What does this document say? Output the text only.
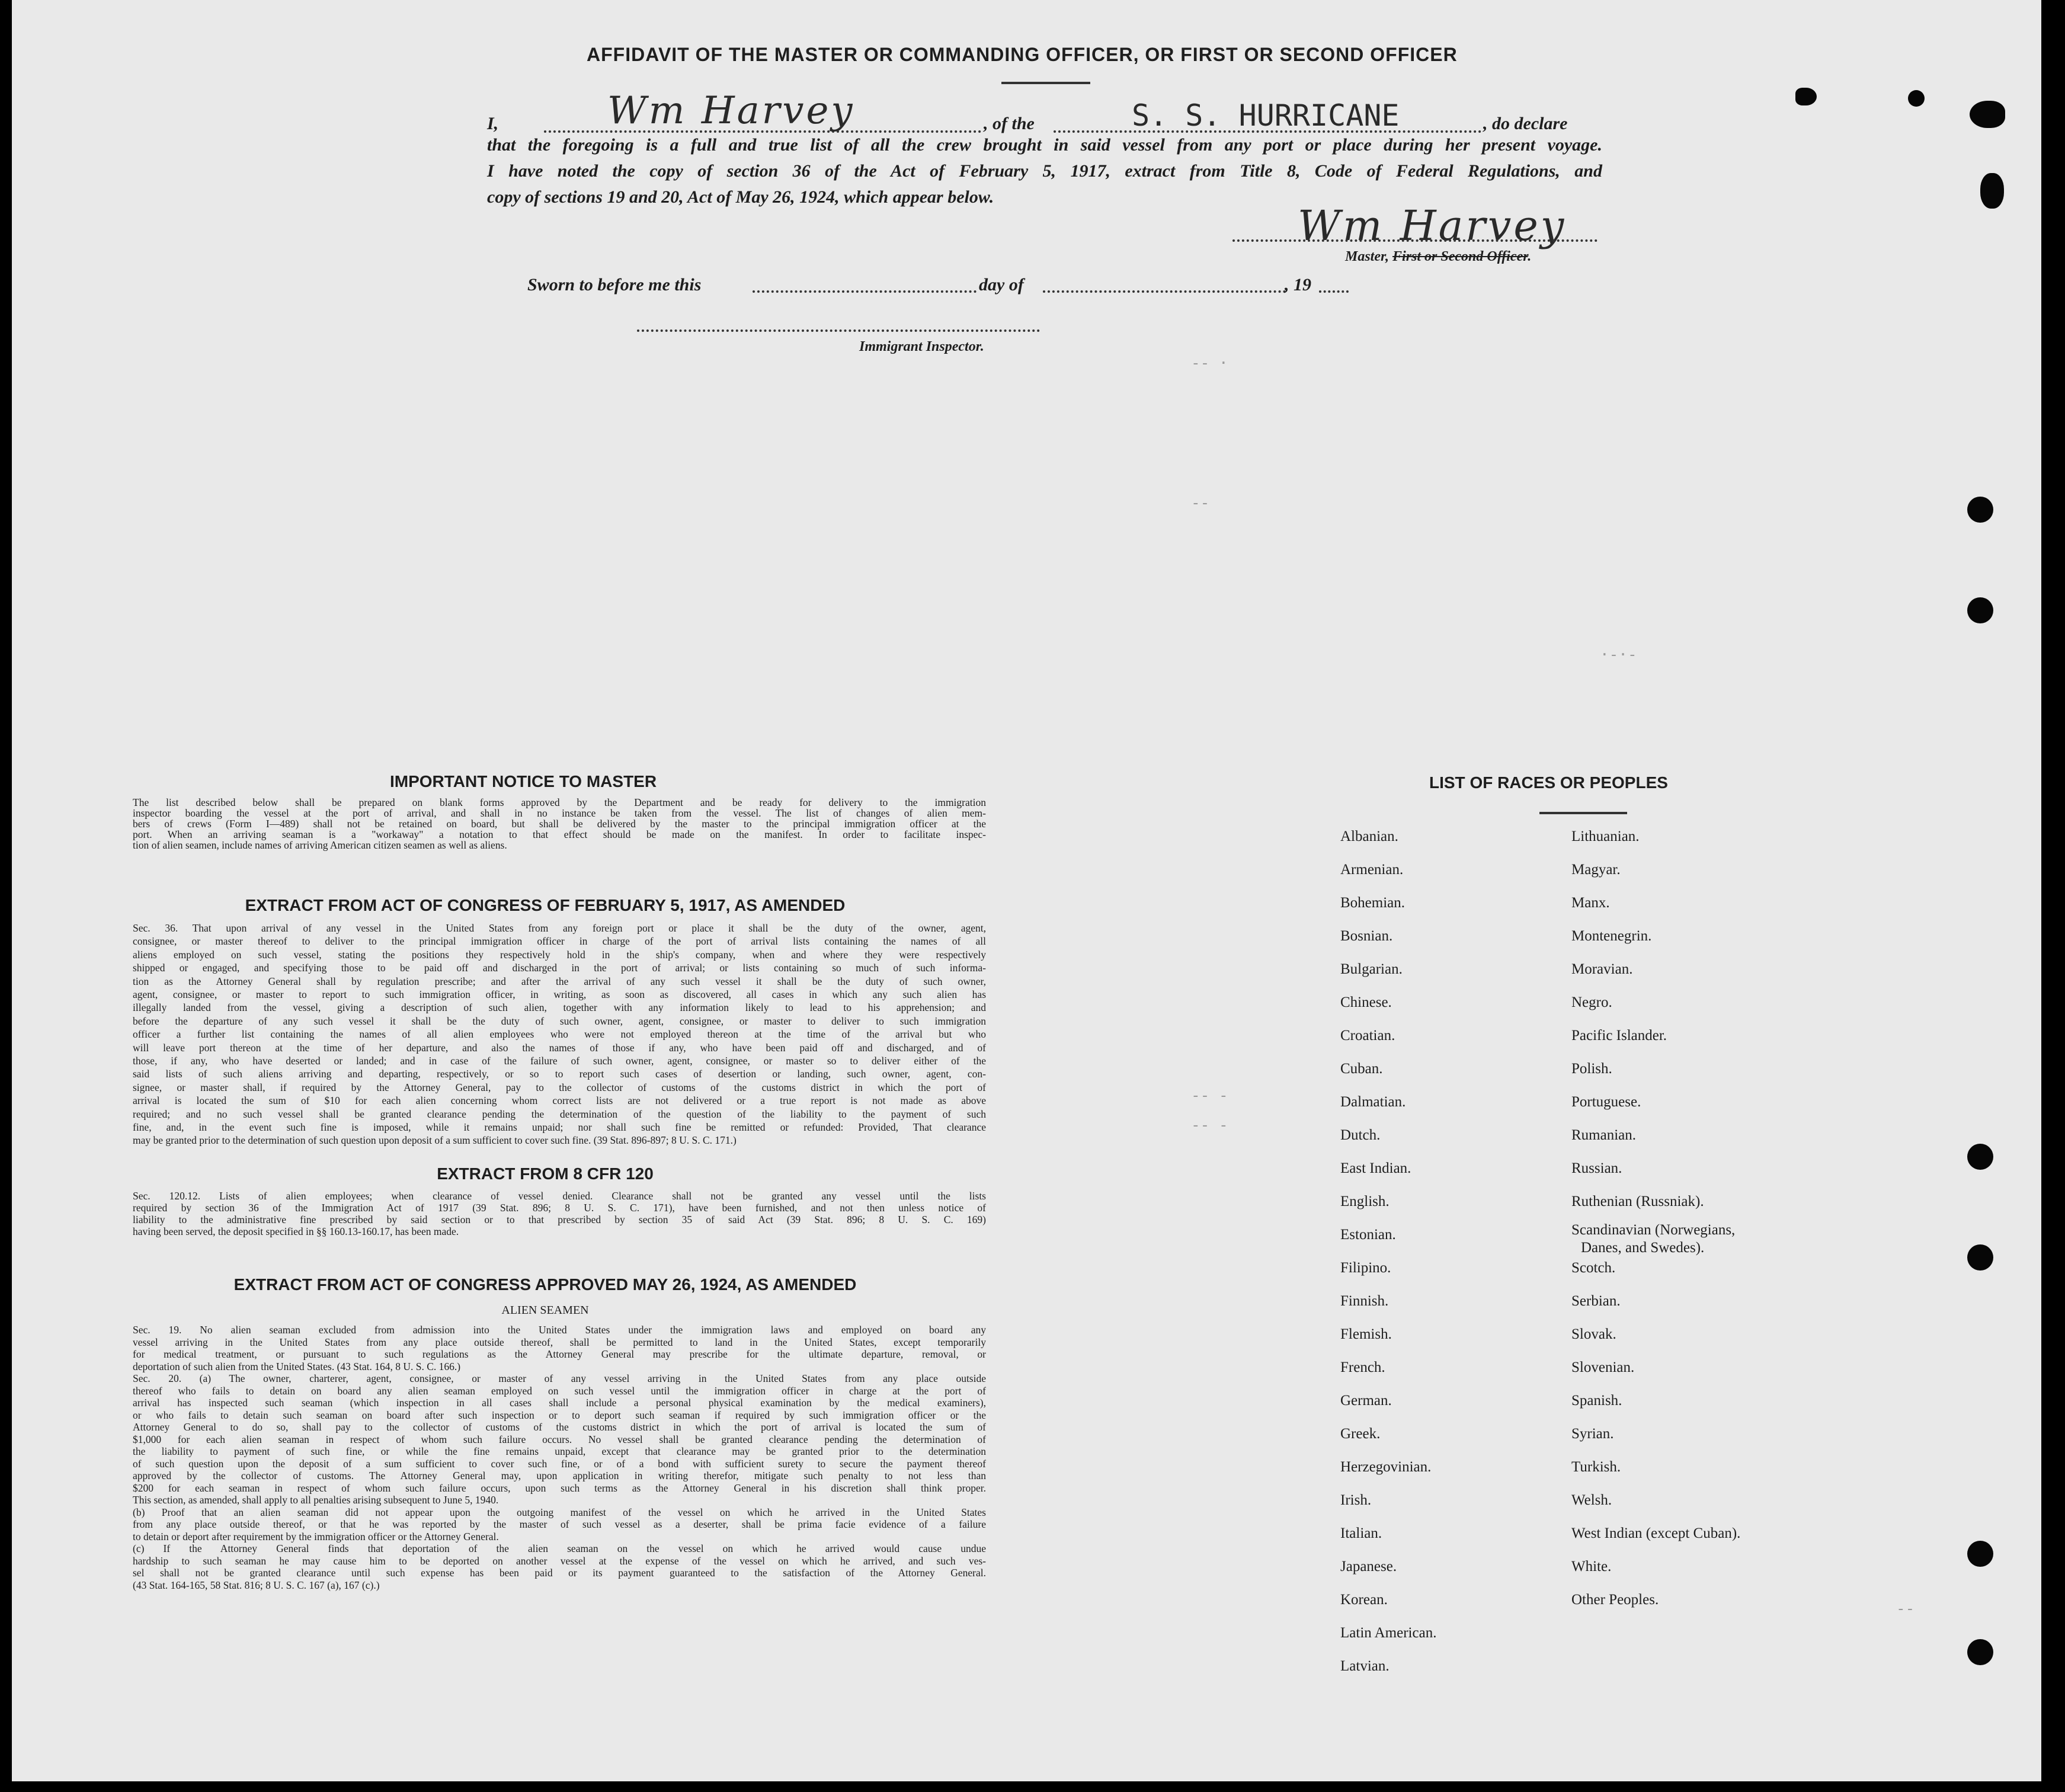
AFFIDAVIT OF THE MASTER OR COMMANDING OFFICER, OR FIRST OR SECOND OFFICER
I,	Wm Harvey	, of the	S. S. HURRICANE	, do declare
that the foregoing is a full and true list of all the crew brought in said vessel from any port or place during her present voyage.
I have noted the copy of section 36 of the Act of February 5, 1917, extract from Title 8, Code of Federal Regulations, and
copy of sections 19 and 20, Act of May 26, 1924, which appear below.
Wm Harvey
Master, First or Second Officer.
Sworn to before me this	day of	, 19
Immigrant Inspector.
IMPORTANT NOTICE TO MASTER
The list described below shall be prepared on blank forms approved by the Department and be ready for delivery to the immigration
inspector boarding the vessel at the port of arrival, and shall in no instance be taken from the vessel. The list of changes of alien mem-
bers of crews (Form I—489) shall not be retained on board, but shall be delivered by the master to the principal immigration officer at the
port. When an arriving seaman is a "workaway" a notation to that effect should be made on the manifest. In order to facilitate inspec-
tion of alien seamen, include names of arriving American citizen seamen as well as aliens.
EXTRACT FROM ACT OF CONGRESS OF FEBRUARY 5, 1917, AS AMENDED
Sec. 36. That upon arrival of any vessel in the United States from any foreign port or place it shall be the duty of the owner, agent,
consignee, or master thereof to deliver to the principal immigration officer in charge of the port of arrival lists containing the names of all
aliens employed on such vessel, stating the positions they respectively hold in the ship's company, when and where they were respectively
shipped or engaged, and specifying those to be paid off and discharged in the port of arrival; or lists containing so much of such informa-
tion as the Attorney General shall by regulation prescribe; and after the arrival of any such vessel it shall be the duty of such owner,
agent, consignee, or master to report to such immigration officer, in writing, as soon as discovered, all cases in which any such alien has
illegally landed from the vessel, giving a description of such alien, together with any information likely to lead to his apprehension; and
before the departure of any such vessel it shall be the duty of such owner, agent, consignee, or master to deliver to such immigration
officer a further list containing the names of all alien employees who were not employed thereon at the time of the arrival but who
will leave port thereon at the time of her departure, and also the names of those if any, who have been paid off and discharged, and of
those, if any, who have deserted or landed; and in case of the failure of such owner, agent, consignee, or master so to deliver either of the
said lists of such aliens arriving and departing, respectively, or so to report such cases of desertion or landing, such owner, agent, con-
signee, or master shall, if required by the Attorney General, pay to the collector of customs of the customs district in which the port of
arrival is located the sum of $10 for each alien concerning whom correct lists are not delivered or a true report is not made as above
required; and no such vessel shall be granted clearance pending the determination of the question of the liability to the payment of such
fine, and, in the event such fine is imposed, while it remains unpaid; nor shall such fine be remitted or refunded: Provided, That clearance
may be granted prior to the determination of such question upon deposit of a sum sufficient to cover such fine. (39 Stat. 896-897; 8 U. S. C. 171.)
EXTRACT FROM 8 CFR 120
Sec. 120.12. Lists of alien employees; when clearance of vessel denied. Clearance shall not be granted any vessel until the lists
required by section 36 of the Immigration Act of 1917 (39 Stat. 896; 8 U. S. C. 171), have been furnished, and not then unless notice of
liability to the administrative fine prescribed by said section or to that prescribed by section 35 of said Act (39 Stat. 896; 8 U. S. C. 169)
having been served, the deposit specified in §§ 160.13-160.17, has been made.
EXTRACT FROM ACT OF CONGRESS APPROVED MAY 26, 1924, AS AMENDED
ALIEN SEAMEN
Sec. 19. No alien seaman excluded from admission into the United States under the immigration laws and employed on board any
vessel arriving in the United States from any place outside thereof, shall be permitted to land in the United States, except temporarily
for medical treatment, or pursuant to such regulations as the Attorney General may prescribe for the ultimate departure, removal, or
deportation of such alien from the United States. (43 Stat. 164, 8 U. S. C. 166.)
Sec. 20. (a) The owner, charterer, agent, consignee, or master of any vessel arriving in the United States from any place outside
thereof who fails to detain on board any alien seaman employed on such vessel until the immigration officer in charge at the port of
arrival has inspected such seaman (which inspection in all cases shall include a personal physical examination by the medical examiners),
or who fails to detain such seaman on board after such inspection or to deport such seaman if required by such immigration officer or the
Attorney General to do so, shall pay to the collector of customs of the customs district in which the port of arrival is located the sum of
$1,000 for each alien seaman in respect of whom such failure occurs. No vessel shall be granted clearance pending the determination of
the liability to payment of such fine, or while the fine remains unpaid, except that clearance may be granted prior to the determination
of such question upon the deposit of a sum sufficient to cover such fine, or of a bond with sufficient surety to secure the payment thereof
approved by the collector of customs. The Attorney General may, upon application in writing therefor, mitigate such penalty to not less than
$200 for each seaman in respect of whom such failure occurs, upon such terms as the Attorney General in his discretion shall think proper.
This section, as amended, shall apply to all penalties arising subsequent to June 5, 1940.
(b) Proof that an alien seaman did not appear upon the outgoing manifest of the vessel on which he arrived in the United States
from any place outside thereof, or that he was reported by the master of such vessel as a deserter, shall be prima facie evidence of a failure
to detain or deport after requirement by the immigration officer or the Attorney General.
(c) If the Attorney General finds that deportation of the alien seaman on the vessel on which he arrived would cause undue
hardship to such seaman he may cause him to be deported on another vessel at the expense of the vessel on which he arrived, and such ves-
sel shall not be granted clearance until such expense has been paid or its payment guaranteed to the satisfaction of the Attorney General.
(43 Stat. 164-165, 58 Stat. 816; 8 U. S. C. 167 (a), 167 (c).)
LIST OF RACES OR PEOPLES
Albanian.
Armenian.
Bohemian.
Bosnian.
Bulgarian.
Chinese.
Croatian.
Cuban.
Dalmatian.
Dutch.
East Indian.
English.
Estonian.
Filipino.
Finnish.
Flemish.
French.
German.
Greek.
Herzegovinian.
Irish.
Italian.
Japanese.
Korean.
Latin American.
Latvian.
Lithuanian.
Magyar.
Manx.
Montenegrin.
Moravian.
Negro.
Pacific Islander.
Polish.
Portuguese.
Rumanian.
Russian.
Ruthenian (Russniak).
Scandinavian (Norwegians,
Danes, and Swedes).
Scotch.
Serbian.
Slovak.
Slovenian.
Spanish.
Syrian.
Turkish.
Welsh.
West Indian (except Cuban).
White.
Other Peoples.
-- ·
--
·-·-
-- -
-- -
--
